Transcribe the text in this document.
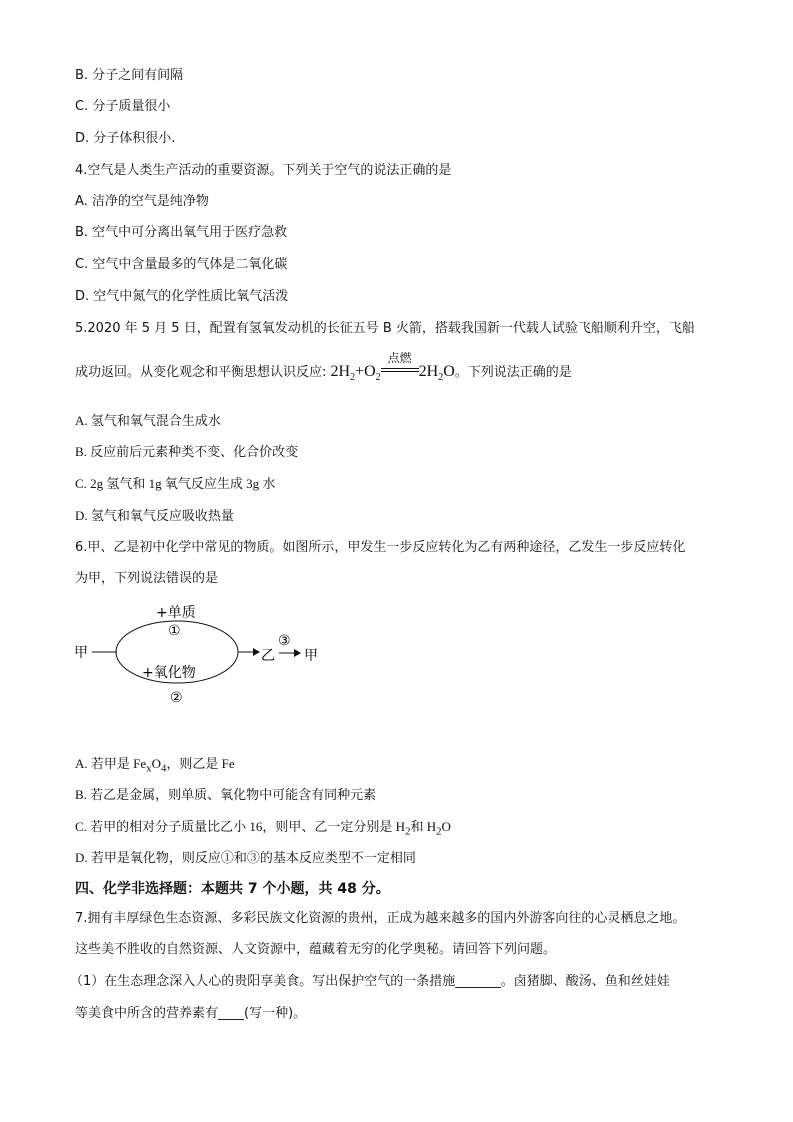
B. 分子之间有间隔
C. 分子质量很小
D. 分子体积很小.
4.空气是人类生产活动的重要资源。下列关于空气的说法正确的是
A. 洁净的空气是纯净物
B. 空气中可分离出氧气用于医疗急救
C. 空气中含量最多的气体是二氧化碳
D. 空气中氮气的化学性质比氧气活泼
5.2020 年 5 月 5 日，配置有氢氧发动机的长征五号 B 火箭，搭载我国新一代载人试验飞船顺利升空，飞船
成功返回。从变化观念和平衡思想认识反应: $2H_2+O_2$
点燃
$2H_2O$。下列说法正确的是
A. 氢气和氧气混合生成水
B. 反应前后元素种类不变、化合价改变
C. 2g 氢气和 1g 氧气反应生成 3g 水
D. 氢气和氧气反应吸收热量
6.甲、乙是初中化学中常见的物质。如图所示，甲发生一步反应转化为乙有两种途径，乙发生一步反应转化
为甲，下列说法错误的是
甲
+单质
①
+氧化物
②
乙
③
甲
A. 若甲是 $Fe_xO_4$，则乙是 Fe
B. 若乙是金属，则单质、氧化物中可能含有同种元素
C. 若甲的相对分子质量比乙小 16，则甲、乙一定分别是 $H_2$和 $H_2O$
D. 若甲是氧化物，则反应①和③的基本反应类型不一定相同
四、化学非选择题：本题共 7 个小题，共 48 分。
7.拥有丰厚绿色生态资源、多彩民族文化资源的贵州，正成为越来越多的国内外游客向往的心灵栖息之地。
这些美不胜收的自然资源、人文资源中，蕴藏着无穷的化学奥秘。请回答下列问题。
（1）在生态理念深入人心的贵阳享美食。写出保护空气的一条措施_______。卤猪脚、酸汤、鱼和丝娃娃
等美食中所含的营养素有____(写一种)。
